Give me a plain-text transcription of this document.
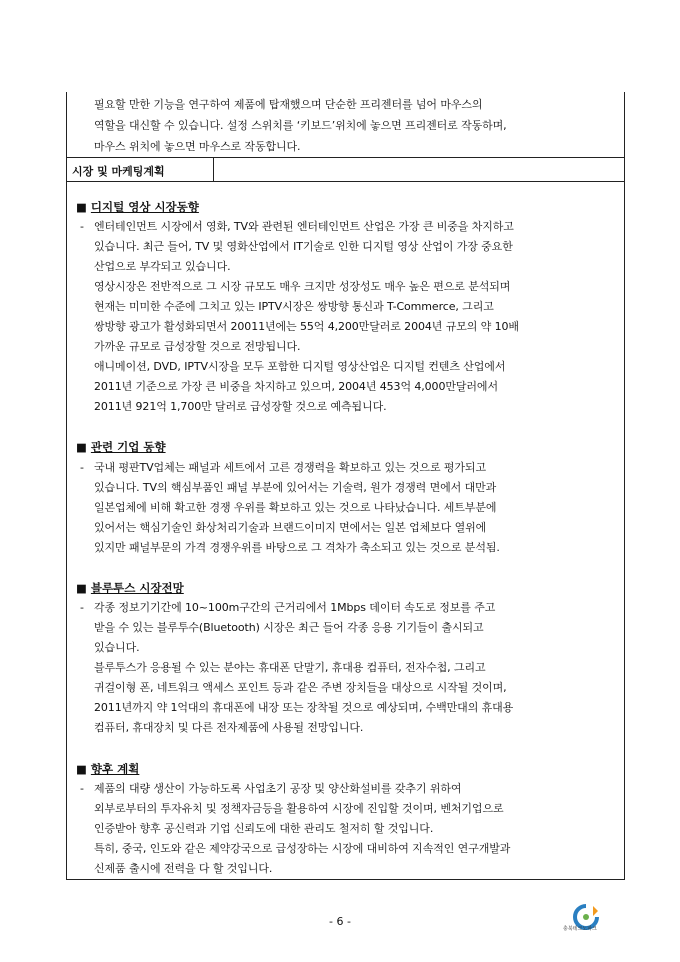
필요할 만한 기능을 연구하여 제품에 탑재했으며 단순한 프리젠터를 넘어 마우스의
역할을 대신할 수 있습니다. 설정 스위치를 ‘키보드’위치에 놓으면 프리젠터로 작동하며,
마우스 위치에 놓으면 마우스로 작동합니다.
시장 및 마케팅계획
■ 디지털 영상 시장동향
- 엔터테인먼트 시장에서 영화, TV와 관련된 엔터테인먼트 산업은 가장 큰 비중을 차지하고
있습니다. 최근 들어, TV 및 영화산업에서 IT기술로 인한 디지털 영상 산업이 가장 중요한
산업으로 부각되고 있습니다.
영상시장은 전반적으로 그 시장 규모도 매우 크지만 성장성도 매우 높은 편으로 분석되며
현재는 미미한 수준에 그치고 있는 IPTV시장은 쌍방향 통신과 T-Commerce, 그리고
쌍방향 광고가 활성화되면서 20011년에는 55억 4,200만달러로 2004년 규모의 약 10배
가까운 규모로 급성장할 것으로 전망됩니다.
애니메이션, DVD, IPTV시장을 모두 포함한 디지털 영상산업은 디지털 컨텐츠 산업에서
2011년 기준으로 가장 큰 비중을 차지하고 있으며, 2004년 453억 4,000만달러에서
2011년 921억 1,700만 달러로 급성장할 것으로 예측됩니다.
■ 관련 기업 동향
- 국내 평판TV업체는 패널과 세트에서 고른 경쟁력을 확보하고 있는 것으로 평가되고
있습니다. TV의 핵심부품인 패널 부분에 있어서는 기술력, 원가 경쟁력 면에서 대만과
일본업체에 비해 확고한 경쟁 우위를 확보하고 있는 것으로 나타났습니다. 세트부분에
있어서는 핵심기술인 화상처리기술과 브랜드이미지 면에서는 일본 업체보다 열위에
있지만 패널부문의 가격 경쟁우위를 바탕으로 그 격차가 축소되고 있는 것으로 분석됨.
■ 블루투스 시장전망
- 각종 정보기기간에 10~100m구간의 근거리에서 1Mbps 데이터 속도로 정보를 주고
받을 수 있는 블루투수(Bluetooth) 시장은 최근 들어 각종 응용 기기들이 출시되고
있습니다.
블루투스가 응용될 수 있는 분야는 휴대폰 단말기, 휴대용 컴퓨터, 전자수첩, 그리고
귀걸이형 폰, 네트워크 액세스 포인트 등과 같은 주변 장치들을 대상으로 시작될 것이며,
2011년까지 약 1억대의 휴대폰에 내장 또는 장착될 것으로 예상되며, 수백만대의 휴대용
컴퓨터, 휴대장치 및 다른 전자제품에 사용될 전망입니다.
■ 향후 계획
- 제품의 대량 생산이 가능하도록 사업초기 공장 및 양산화설비를 갖추기 위하여
외부로부터의 투자유치 및 정책자금등을 활용하여 시장에 진입할 것이며, 벤처기업으로
인증받아 향후 공신력과 기업 신뢰도에 대한 관리도 철저히 할 것입니다.
특히, 중국, 인도와 같은 제약강국으로 급성장하는 시장에 대비하여 지속적인 연구개발과
신제품 출시에 전력을 다 할 것입니다.
- 6 -
충북테크노파크
